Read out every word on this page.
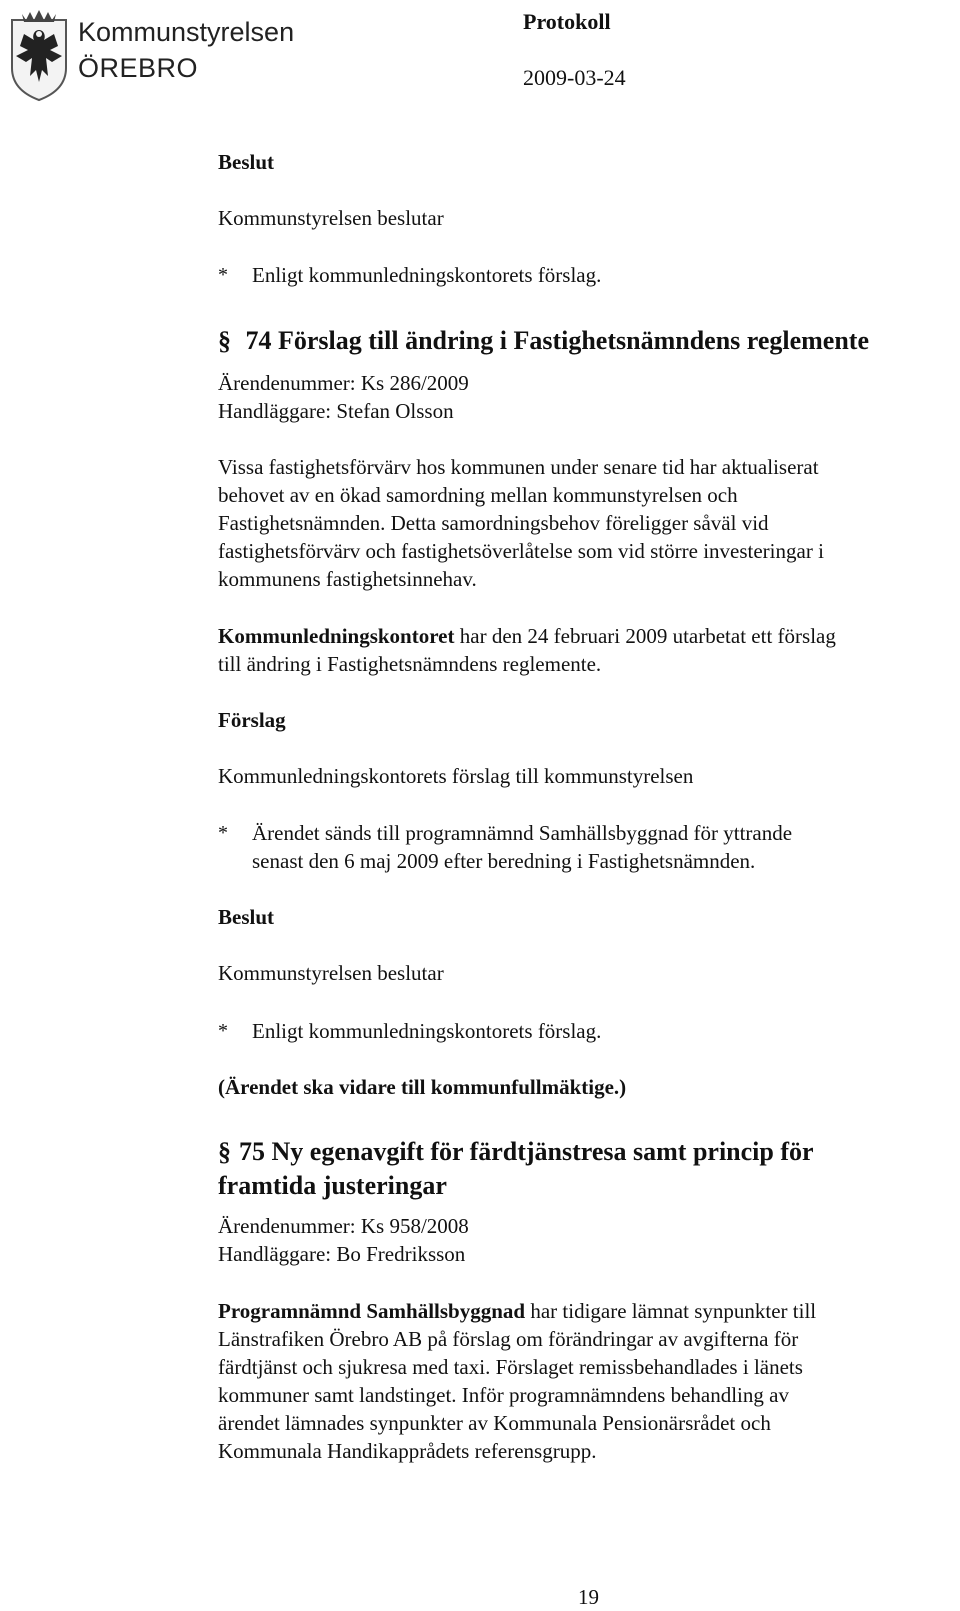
Kommunstyrelsen
ÖREBRO
Protokoll
2009-03-24
Beslut
Kommunstyrelsen beslutar
* Enligt kommunledningskontorets förslag.
§ 74 Förslag till ändring i Fastighetsnämndens reglemente
Ärendenummer: Ks 286/2009
Handläggare: Stefan Olsson
Vissa fastighetsförvärv hos kommunen under senare tid har aktualiserat
behovet av en ökad samordning mellan kommunstyrelsen och
Fastighetsnämnden. Detta samordningsbehov föreligger såväl vid
fastighetsförvärv och fastighetsöverlåtelse som vid större investeringar i
kommunens fastighetsinnehav.
Kommunledningskontoret har den 24 februari 2009 utarbetat ett förslag
till ändring i Fastighetsnämndens reglemente.
Förslag
Kommunledningskontorets förslag till kommunstyrelsen
* Ärendet sänds till programnämnd Samhällsbyggnad för yttrande
senast den 6 maj 2009 efter beredning i Fastighetsnämnden.
Beslut
Kommunstyrelsen beslutar
* Enligt kommunledningskontorets förslag.
(Ärendet ska vidare till kommunfullmäktige.)
§ 75 Ny egenavgift för färdtjänstresa samt princip för
framtida justeringar
Ärendenummer: Ks 958/2008
Handläggare: Bo Fredriksson
Programnämnd Samhällsbyggnad har tidigare lämnat synpunkter till
Länstrafiken Örebro AB på förslag om förändringar av avgifterna för
färdtjänst och sjukresa med taxi. Förslaget remissbehandlades i länets
kommuner samt landstinget. Inför programnämndens behandling av
ärendet lämnades synpunkter av Kommunala Pensionärsrådet och
Kommunala Handikapprådets referensgrupp.
19
